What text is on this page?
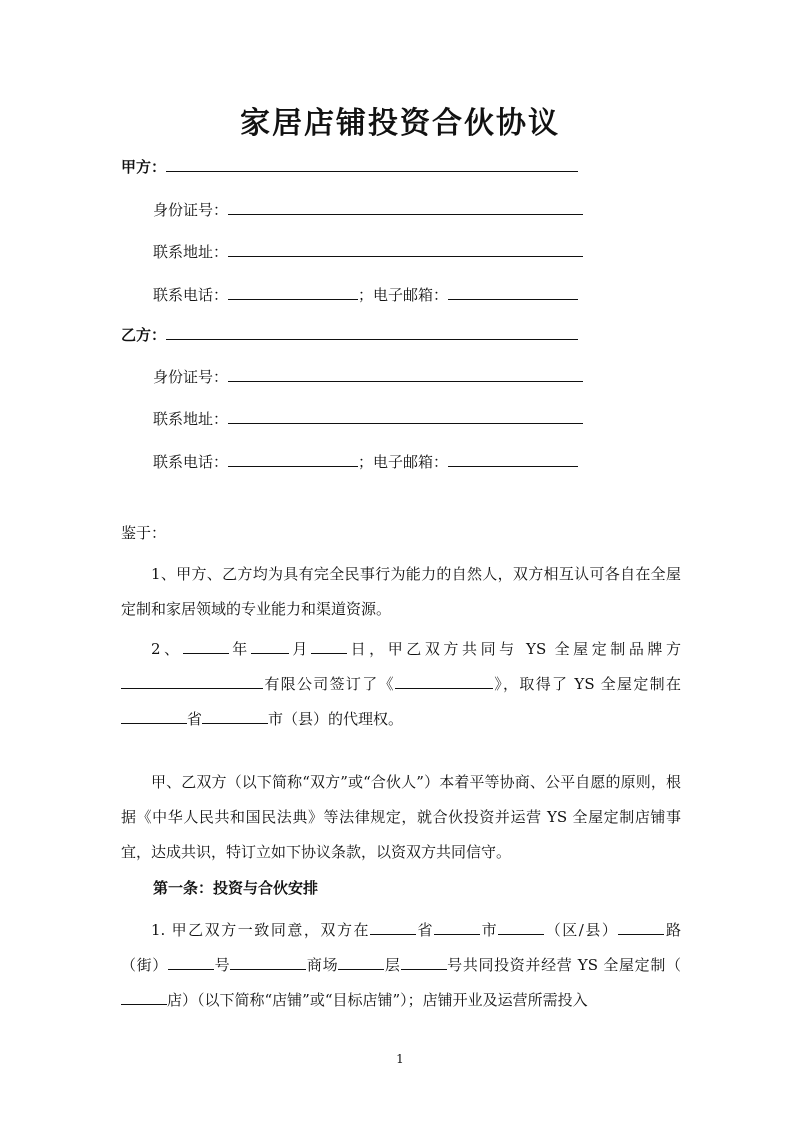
家居店铺投资合伙协议
甲方：
身份证号：
联系地址：
联系电话：	；电子邮箱：
乙方：
身份证号：
联系地址：
联系电话：	；电子邮箱：
鉴于：
1、甲方、乙方均为具有完全民事行为能力的自然人，双方相互认可各自在全屋定制和家居领域的专业能力和渠道资源。
2、	年	月 日，甲乙双方共同与 YS 全屋定制品牌方有限公司签订了《	》，取得了 YS 全屋定制在省	市（县）的代理权。
甲、乙双方（以下简称“双方”或“合伙人”）本着平等协商、公平自愿的原则，根据《中华人民共和国民法典》等法律规定，就合伙投资并运营 YS 全屋定制店铺事宜，达成共识，特订立如下协议条款，以资双方共同信守。
第一条：投资与合伙安排
1. 甲乙双方一致同意，双方在	省	市	（区/县）	路（街）	号	商场	层	号共同投资并经营 YS 全屋定制（店）（以下简称“店铺”或“目标店铺”）；店铺开业及运营所需投入
1
